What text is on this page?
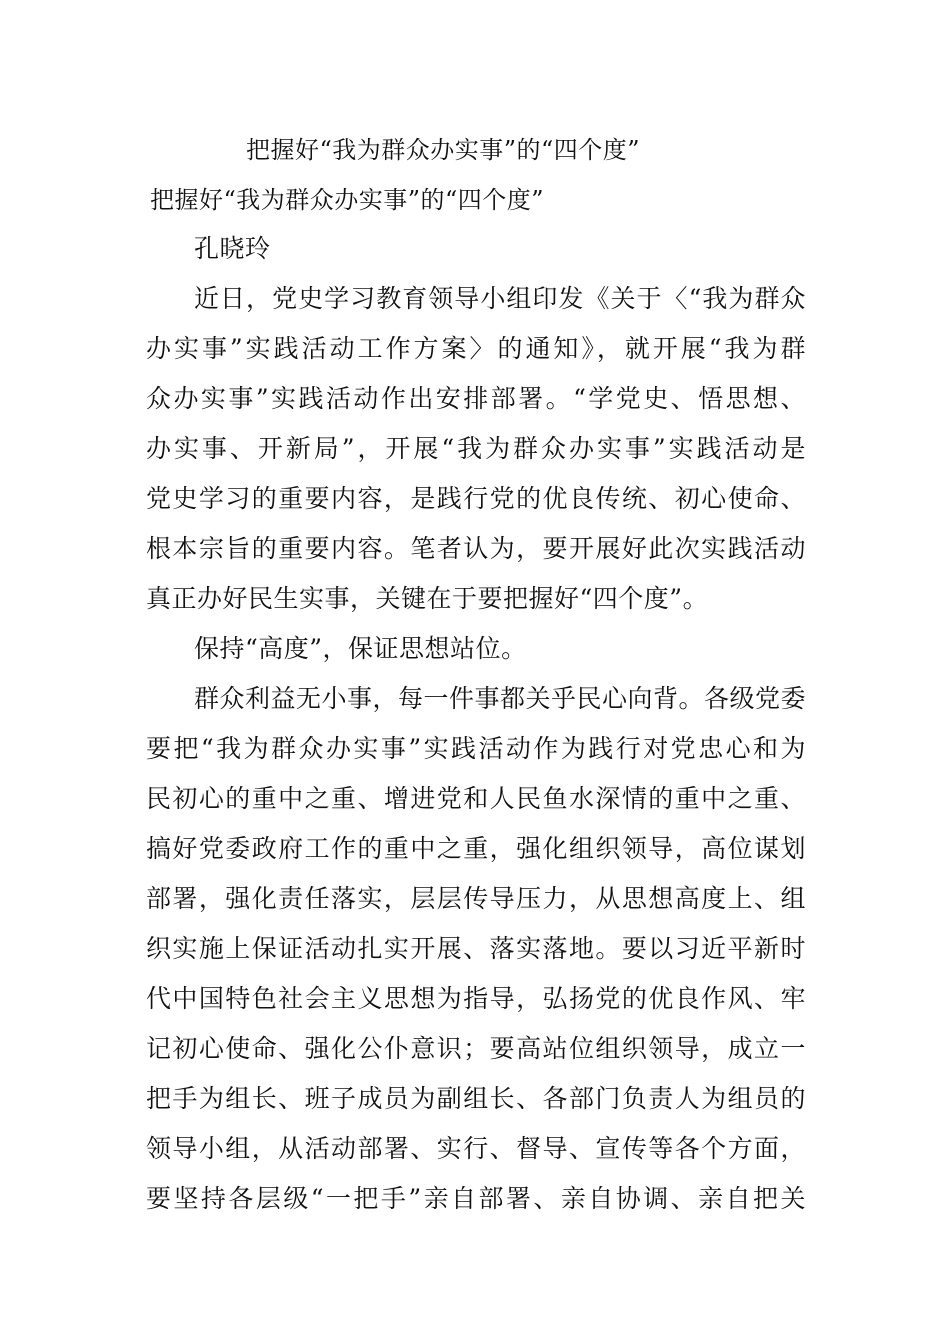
把握好“我为群众办实事”的“四个度”
把握好“我为群众办实事”的“四个度”
孔晓玲
近日，党史学习教育领导小组印发《关于〈“我为群众
办实事”实践活动工作方案〉的通知》，就开展“我为群
众办实事”实践活动作出安排部署。“学党史、悟思想、
办实事、开新局”，开展“我为群众办实事”实践活动是
党史学习的重要内容，是践行党的优良传统、初心使命、
根本宗旨的重要内容。笔者认为，要开展好此次实践活动
真正办好民生实事，关键在于要把握好“四个度”。
保持“高度”，保证思想站位。
群众利益无小事，每一件事都关乎民心向背。各级党委
要把“我为群众办实事”实践活动作为践行对党忠心和为
民初心的重中之重、增进党和人民鱼水深情的重中之重、
搞好党委政府工作的重中之重，强化组织领导，高位谋划
部署，强化责任落实，层层传导压力，从思想高度上、组
织实施上保证活动扎实开展、落实落地。要以习近平新时
代中国特色社会主义思想为指导，弘扬党的优良作风、牢
记初心使命、强化公仆意识；要高站位组织领导，成立一
把手为组长、班子成员为副组长、各部门负责人为组员的
领导小组，从活动部署、实行、督导、宣传等各个方面，
要坚持各层级“一把手”亲自部署、亲自协调、亲自把关
